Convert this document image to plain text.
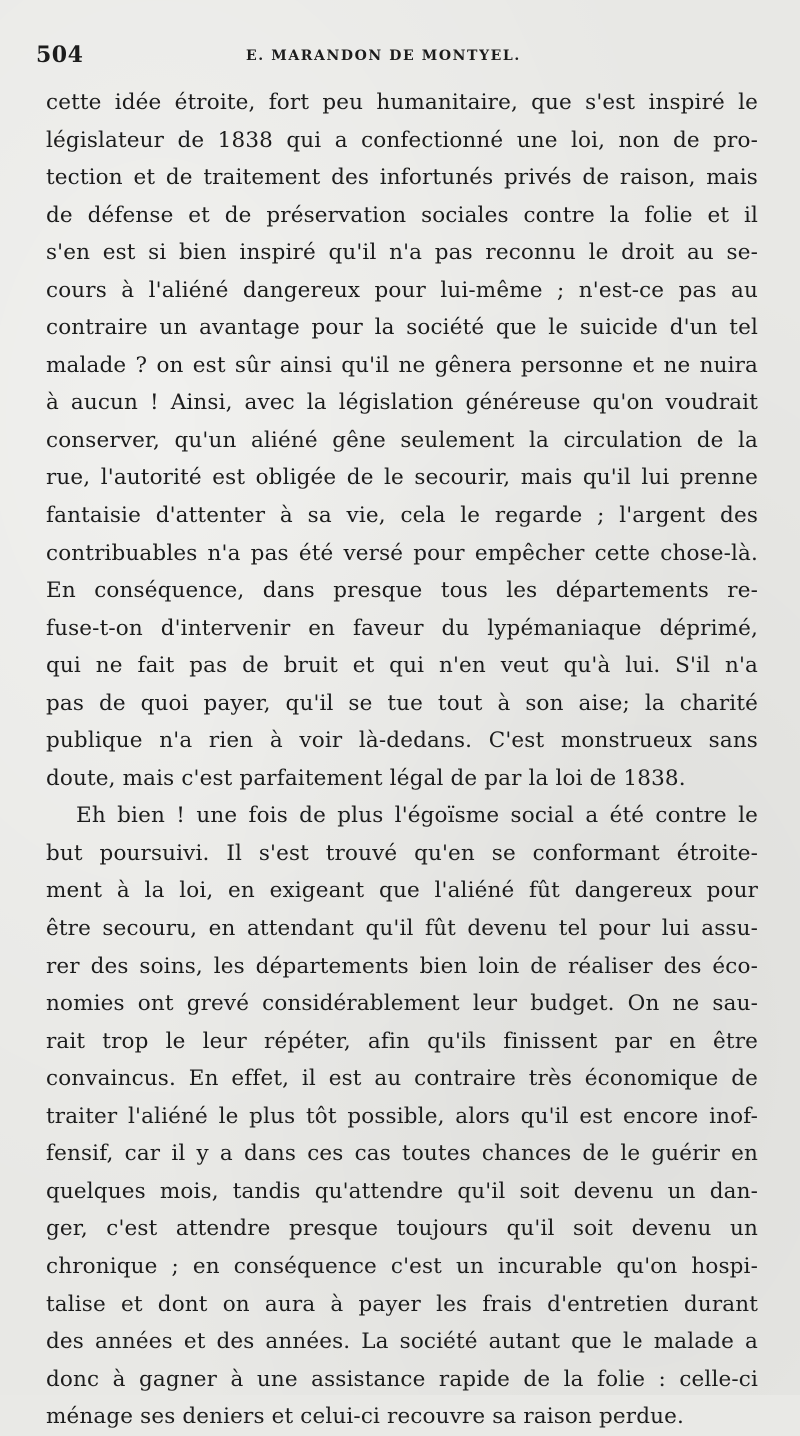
504	E. MARANDON DE MONTYEL.
cette idée étroite, fort peu humanitaire, que s'est inspiré le
législateur de 1838 qui a confectionné une loi, non de pro-
tection et de traitement des infortunés privés de raison, mais
de défense et de préservation sociales contre la folie et il
s'en est si bien inspiré qu'il n'a pas reconnu le droit au se-
cours à l'aliéné dangereux pour lui-même ; n'est-ce pas au
contraire un avantage pour la société que le suicide d'un tel
malade ? on est sûr ainsi qu'il ne gênera personne et ne nuira
à aucun ! Ainsi, avec la législation généreuse qu'on voudrait
conserver, qu'un aliéné gêne seulement la circulation de la
rue, l'autorité est obligée de le secourir, mais qu'il lui prenne
fantaisie d'attenter à sa vie, cela le regarde ; l'argent des
contribuables n'a pas été versé pour empêcher cette chose-là.
En conséquence, dans presque tous les départements re-
fuse-t-on d'intervenir en faveur du lypémaniaque déprimé,
qui ne fait pas de bruit et qui n'en veut qu'à lui. S'il n'a
pas de quoi payer, qu'il se tue tout à son aise; la charité
publique n'a rien à voir là-dedans. C'est monstrueux sans
doute, mais c'est parfaitement légal de par la loi de 1838.
Eh bien ! une fois de plus l'égoïsme social a été contre le
but poursuivi. Il s'est trouvé qu'en se conformant étroite-
ment à la loi, en exigeant que l'aliéné fût dangereux pour
être secouru, en attendant qu'il fût devenu tel pour lui assu-
rer des soins, les départements bien loin de réaliser des éco-
nomies ont grevé considérablement leur budget. On ne sau-
rait trop le leur répéter, afin qu'ils finissent par en être
convaincus. En effet, il est au contraire très économique de
traiter l'aliéné le plus tôt possible, alors qu'il est encore inof-
fensif, car il y a dans ces cas toutes chances de le guérir en
quelques mois, tandis qu'attendre qu'il soit devenu un dan-
ger, c'est attendre presque toujours qu'il soit devenu un
chronique ; en conséquence c'est un incurable qu'on hospi-
talise et dont on aura à payer les frais d'entretien durant
des années et des années. La société autant que le malade a
donc à gagner à une assistance rapide de la folie : celle-ci
ménage ses deniers et celui-ci recouvre sa raison perdue.
